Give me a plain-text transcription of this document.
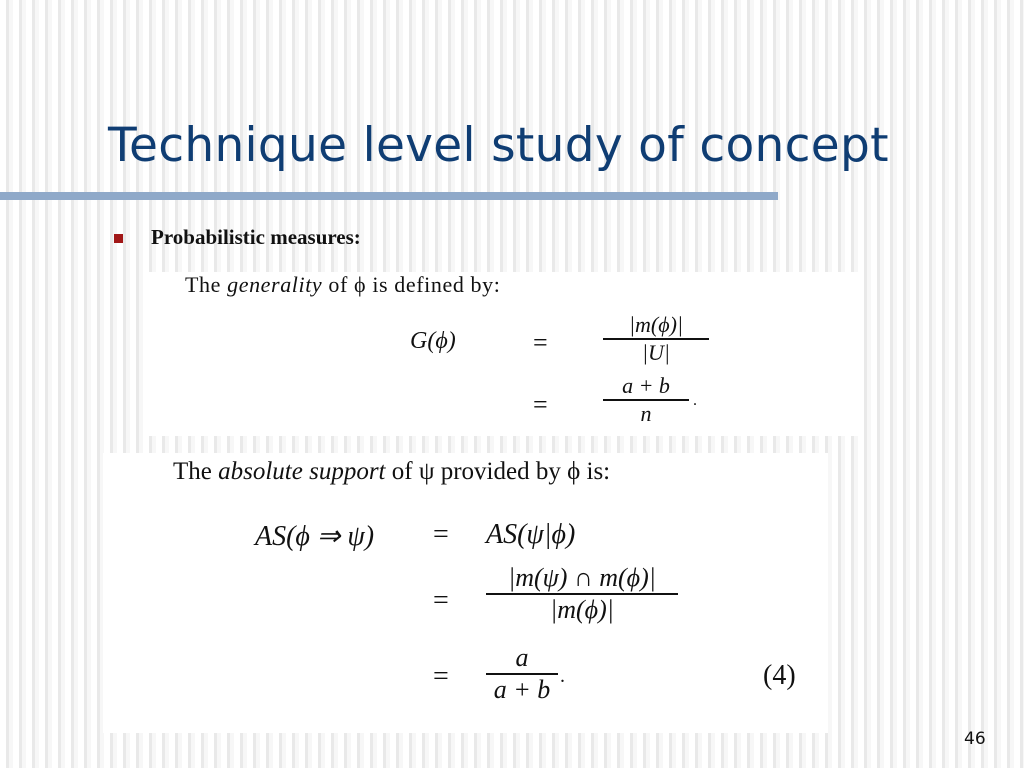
Technique level study of concept
Probabilistic measures:
The generality of ϕ is defined by:
G(ϕ)	=
|m(ϕ)|
|U|
=
a + b
n	.
The absolute support of ψ provided by ϕ is:
AS(ϕ ⇒ ψ) = AS(ψ|ϕ)
=
|m(ψ) ∩ m(ϕ)|
|m(ϕ)|
=
a
a + b .	(4)
46
